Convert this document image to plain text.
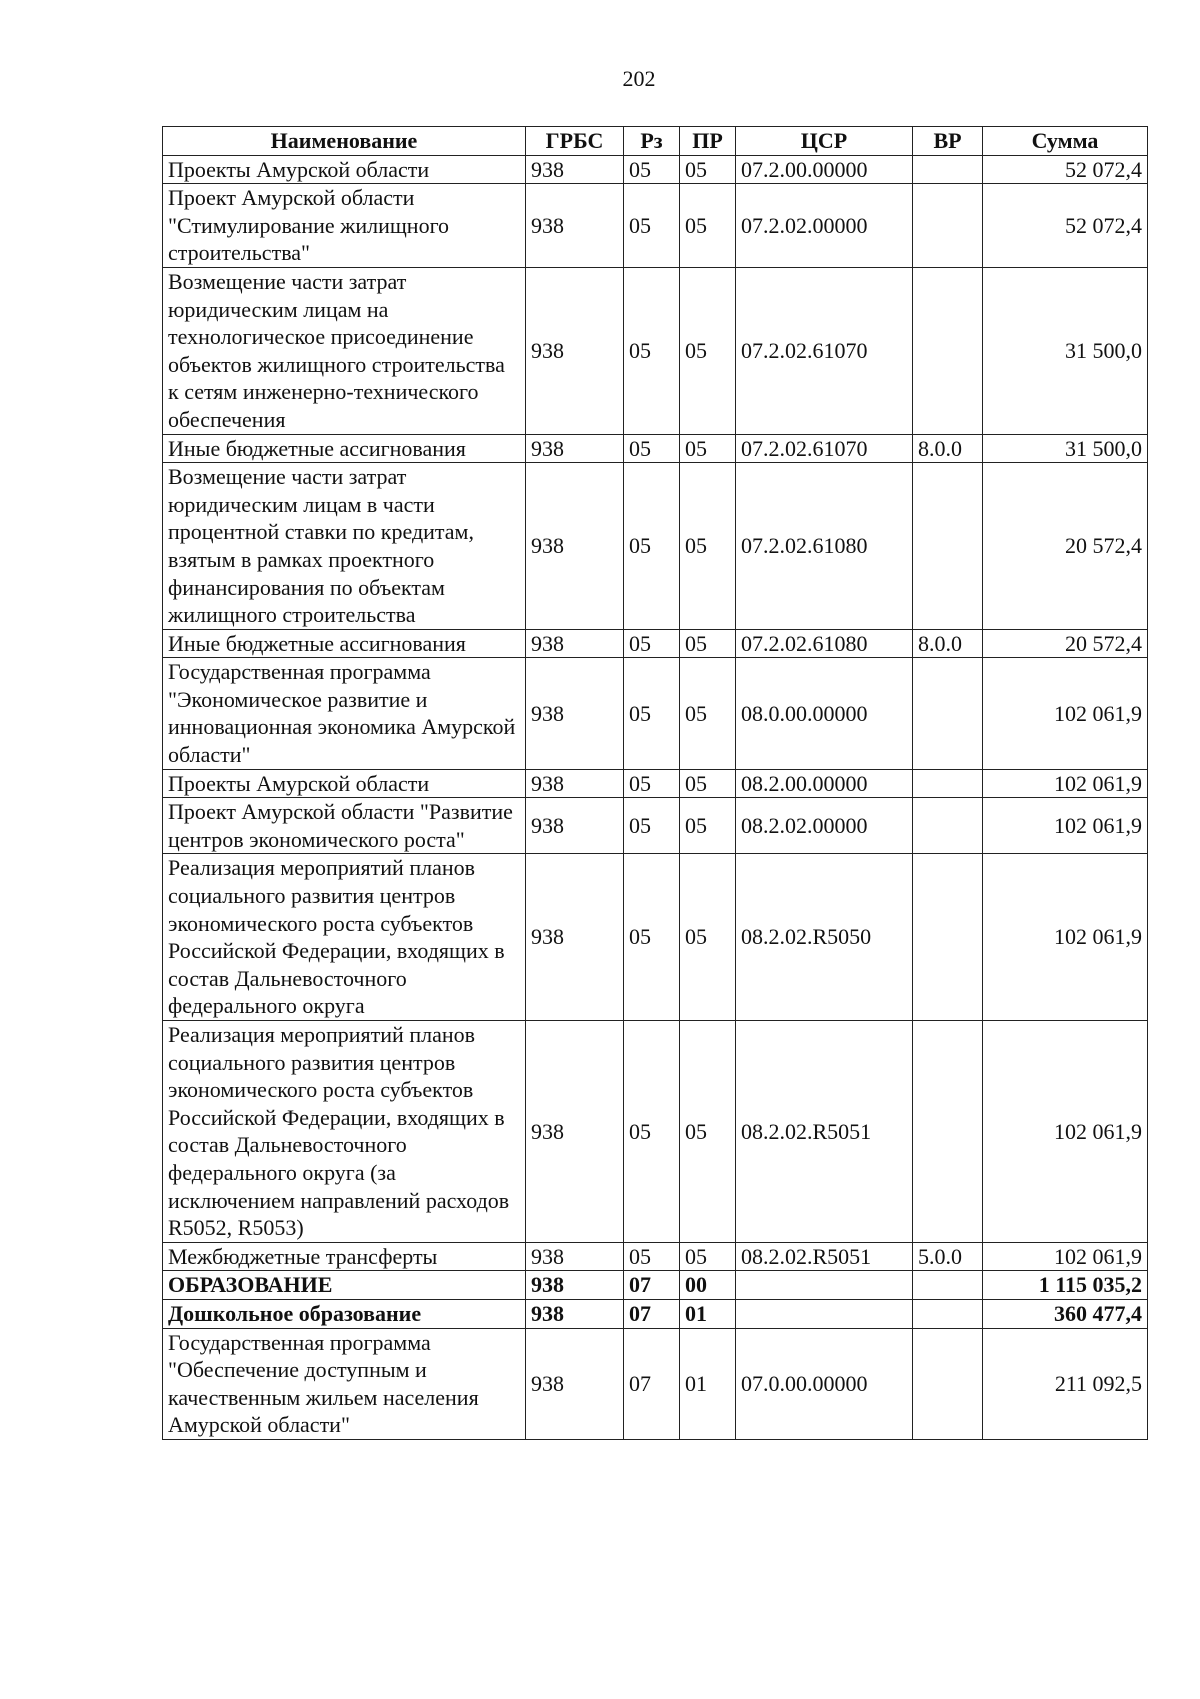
202
Наименование	ГРБС	Рз	ПР	ЦСР	ВР	Сумма
Проекты Амурской области	938	05	05	07.2.00.00000		52 072,4
Проект Амурской области "Стимулирование жилищного строительства"	938	05	05	07.2.02.00000		52 072,4
Возмещение части затрат юридическим лицам на технологическое присоединение объектов жилищного строительства к сетям инженерно-технического обеспечения	938	05	05	07.2.02.61070		31 500,0
Иные бюджетные ассигнования	938	05	05	07.2.02.61070	8.0.0	31 500,0
Возмещение части затрат юридическим лицам в части процентной ставки по кредитам, взятым в рамках проектного финансирования по объектам жилищного строительства	938	05	05	07.2.02.61080		20 572,4
Иные бюджетные ассигнования	938	05	05	07.2.02.61080	8.0.0	20 572,4
Государственная программа "Экономическое развитие и инновационная экономика Амурской области"	938	05	05	08.0.00.00000		102 061,9
Проекты Амурской области	938	05	05	08.2.00.00000		102 061,9
Проект Амурской области "Развитие центров экономического роста"	938	05	05	08.2.02.00000		102 061,9
Реализация мероприятий планов социального развития центров экономического роста субъектов Российской Федерации, входящих в состав Дальневосточного федерального округа	938	05	05	08.2.02.R5050		102 061,9
Реализация мероприятий планов социального развития центров экономического роста субъектов Российской Федерации, входящих в состав Дальневосточного федерального округа (за исключением направлений расходов R5052, R5053)	938	05	05	08.2.02.R5051		102 061,9
Межбюджетные трансферты	938	05	05	08.2.02.R5051	5.0.0	102 061,9
ОБРАЗОВАНИЕ	938	07	00			1 115 035,2
Дошкольное образование	938	07	01			360 477,4
Государственная программа "Обеспечение доступным и качественным жильем населения Амурской области"	938	07	01	07.0.00.00000		211 092,5
